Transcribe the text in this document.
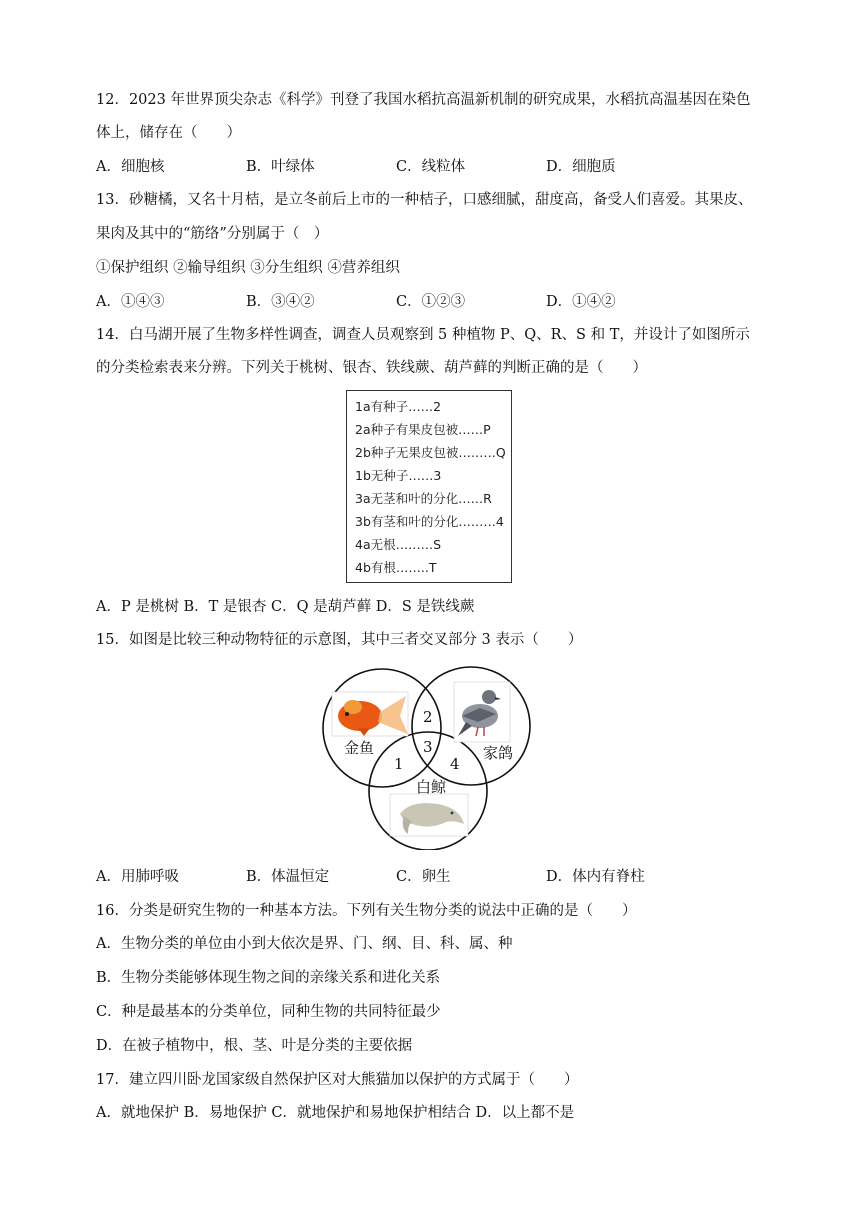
12．2023 年世界顶尖杂志《科学》刊登了我国水稻抗高温新机制的研究成果，水稻抗高温基因在染色
体上，储存在（　　）
A．细胞核	B．叶绿体	C．线粒体	D．细胞质
13．砂糖橘，又名十月桔，是立冬前后上市的一种桔子，口感细腻，甜度高，备受人们喜爱。其果皮、
果肉及其中的“筋络”分别属于（　）
①保护组织 ②输导组织 ③分生组织 ④营养组织
A．①④③	B．③④②	C．①②③	D．①④②
14．白马湖开展了生物多样性调查，调查人员观察到 5 种植物 P、Q、R、S 和 T，并设计了如图所示
的分类检索表来分辨。下列关于桃树、银杏、铁线蕨、葫芦藓的判断正确的是（　　）
1a有种子……2
2a种子有果皮包被……P
2b种子无果皮包被………Q
1b无种子……3
3a无茎和叶的分化……R
3b有茎和叶的分化………4
4a无根………S
4b有根……..T
A．P 是桃树 B．T 是银杏 C．Q 是葫芦藓 D．S 是铁线蕨
15．如图是比较三种动物特征的示意图，其中三者交叉部分 3 表示（　　）
金鱼	家鸽
白鲸
2
3
1	4
A．用肺呼吸	B．体温恒定	C．卵生	D．体内有脊柱
16．分类是研究生物的一种基本方法。下列有关生物分类的说法中正确的是（　　）
A．生物分类的单位由小到大依次是界、门、纲、目、科、属、种
B．生物分类能够体现生物之间的亲缘关系和进化关系
C．种是最基本的分类单位，同种生物的共同特征最少
D．在被子植物中，根、茎、叶是分类的主要依据
17．建立四川卧龙国家级自然保护区对大熊猫加以保护的方式属于（　　）
A．就地保护 B．易地保护 C．就地保护和易地保护相结合 D．以上都不是
